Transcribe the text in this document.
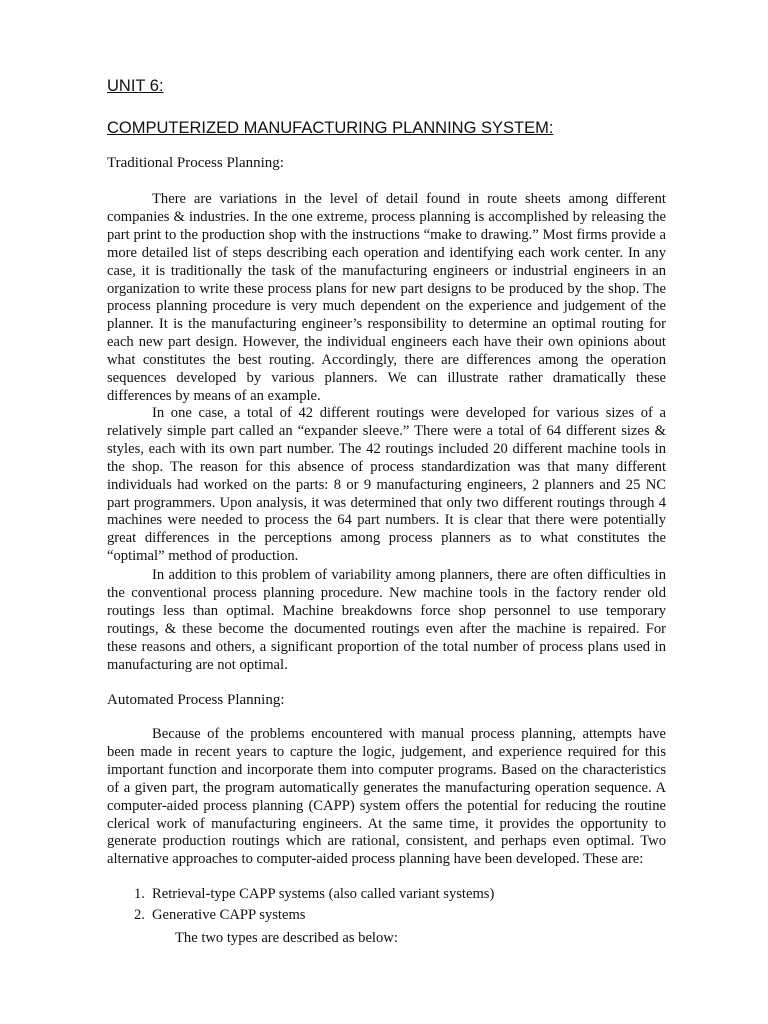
UNIT 6:
COMPUTERIZED MANUFACTURING PLANNING SYSTEM:
Traditional Process Planning:

There are variations in the level of detail found in route sheets among different companies & industries. In the one extreme, process planning is accomplished by releasing the part print to the production shop with the instructions “make to drawing.” Most firms provide a more detailed list of steps describing each operation and identifying each work center. In any case, it is traditionally the task of the manufacturing engineers or industrial engineers in an organization to write these process plans for new part designs to be produced by the shop. The process planning procedure is very much dependent on the experience and judgement of the planner. It is the manufacturing engineer’s responsibility to determine an optimal routing for each new part design. However, the individual engineers each have their own opinions about what constitutes the best routing. Accordingly, there are differences among the operation sequences developed by various planners. We can illustrate rather dramatically these differences by means of an example.

In one case, a total of 42 different routings were developed for various sizes of a relatively simple part called an “expander sleeve.” There were a total of 64 different sizes & styles, each with its own part number. The 42 routings included 20 different machine tools in the shop. The reason for this absence of process standardization was that many different individuals had worked on the parts: 8 or 9 manufacturing engineers, 2 planners and 25 NC part programmers. Upon analysis, it was determined that only two different routings through 4 machines were needed to process the 64 part numbers. It is clear that there were potentially great differences in the perceptions among process planners as to what constitutes the “optimal” method of production.

In addition to this problem of variability among planners, there are often difficulties in the conventional process planning procedure. New machine tools in the factory render old routings less than optimal. Machine breakdowns force shop personnel to use temporary routings, & these become the documented routings even after the machine is repaired. For these reasons and others, a significant proportion of the total number of process plans used in manufacturing are not optimal.

Automated Process Planning:

Because of the problems encountered with manual process planning, attempts have been made in recent years to capture the logic, judgement, and experience required for this important function and incorporate them into computer programs. Based on the characteristics of a given part, the program automatically generates the manufacturing operation sequence. A computer-aided process planning (CAPP) system offers the potential for reducing the routine clerical work of manufacturing engineers. At the same time, it provides the opportunity to generate production routings which are rational, consistent, and perhaps even optimal. Two alternative approaches to computer-aided process planning have been developed. These are:

1. Retrieval-type CAPP systems (also called variant systems)
2. Generative CAPP systems
The two types are described as below:
